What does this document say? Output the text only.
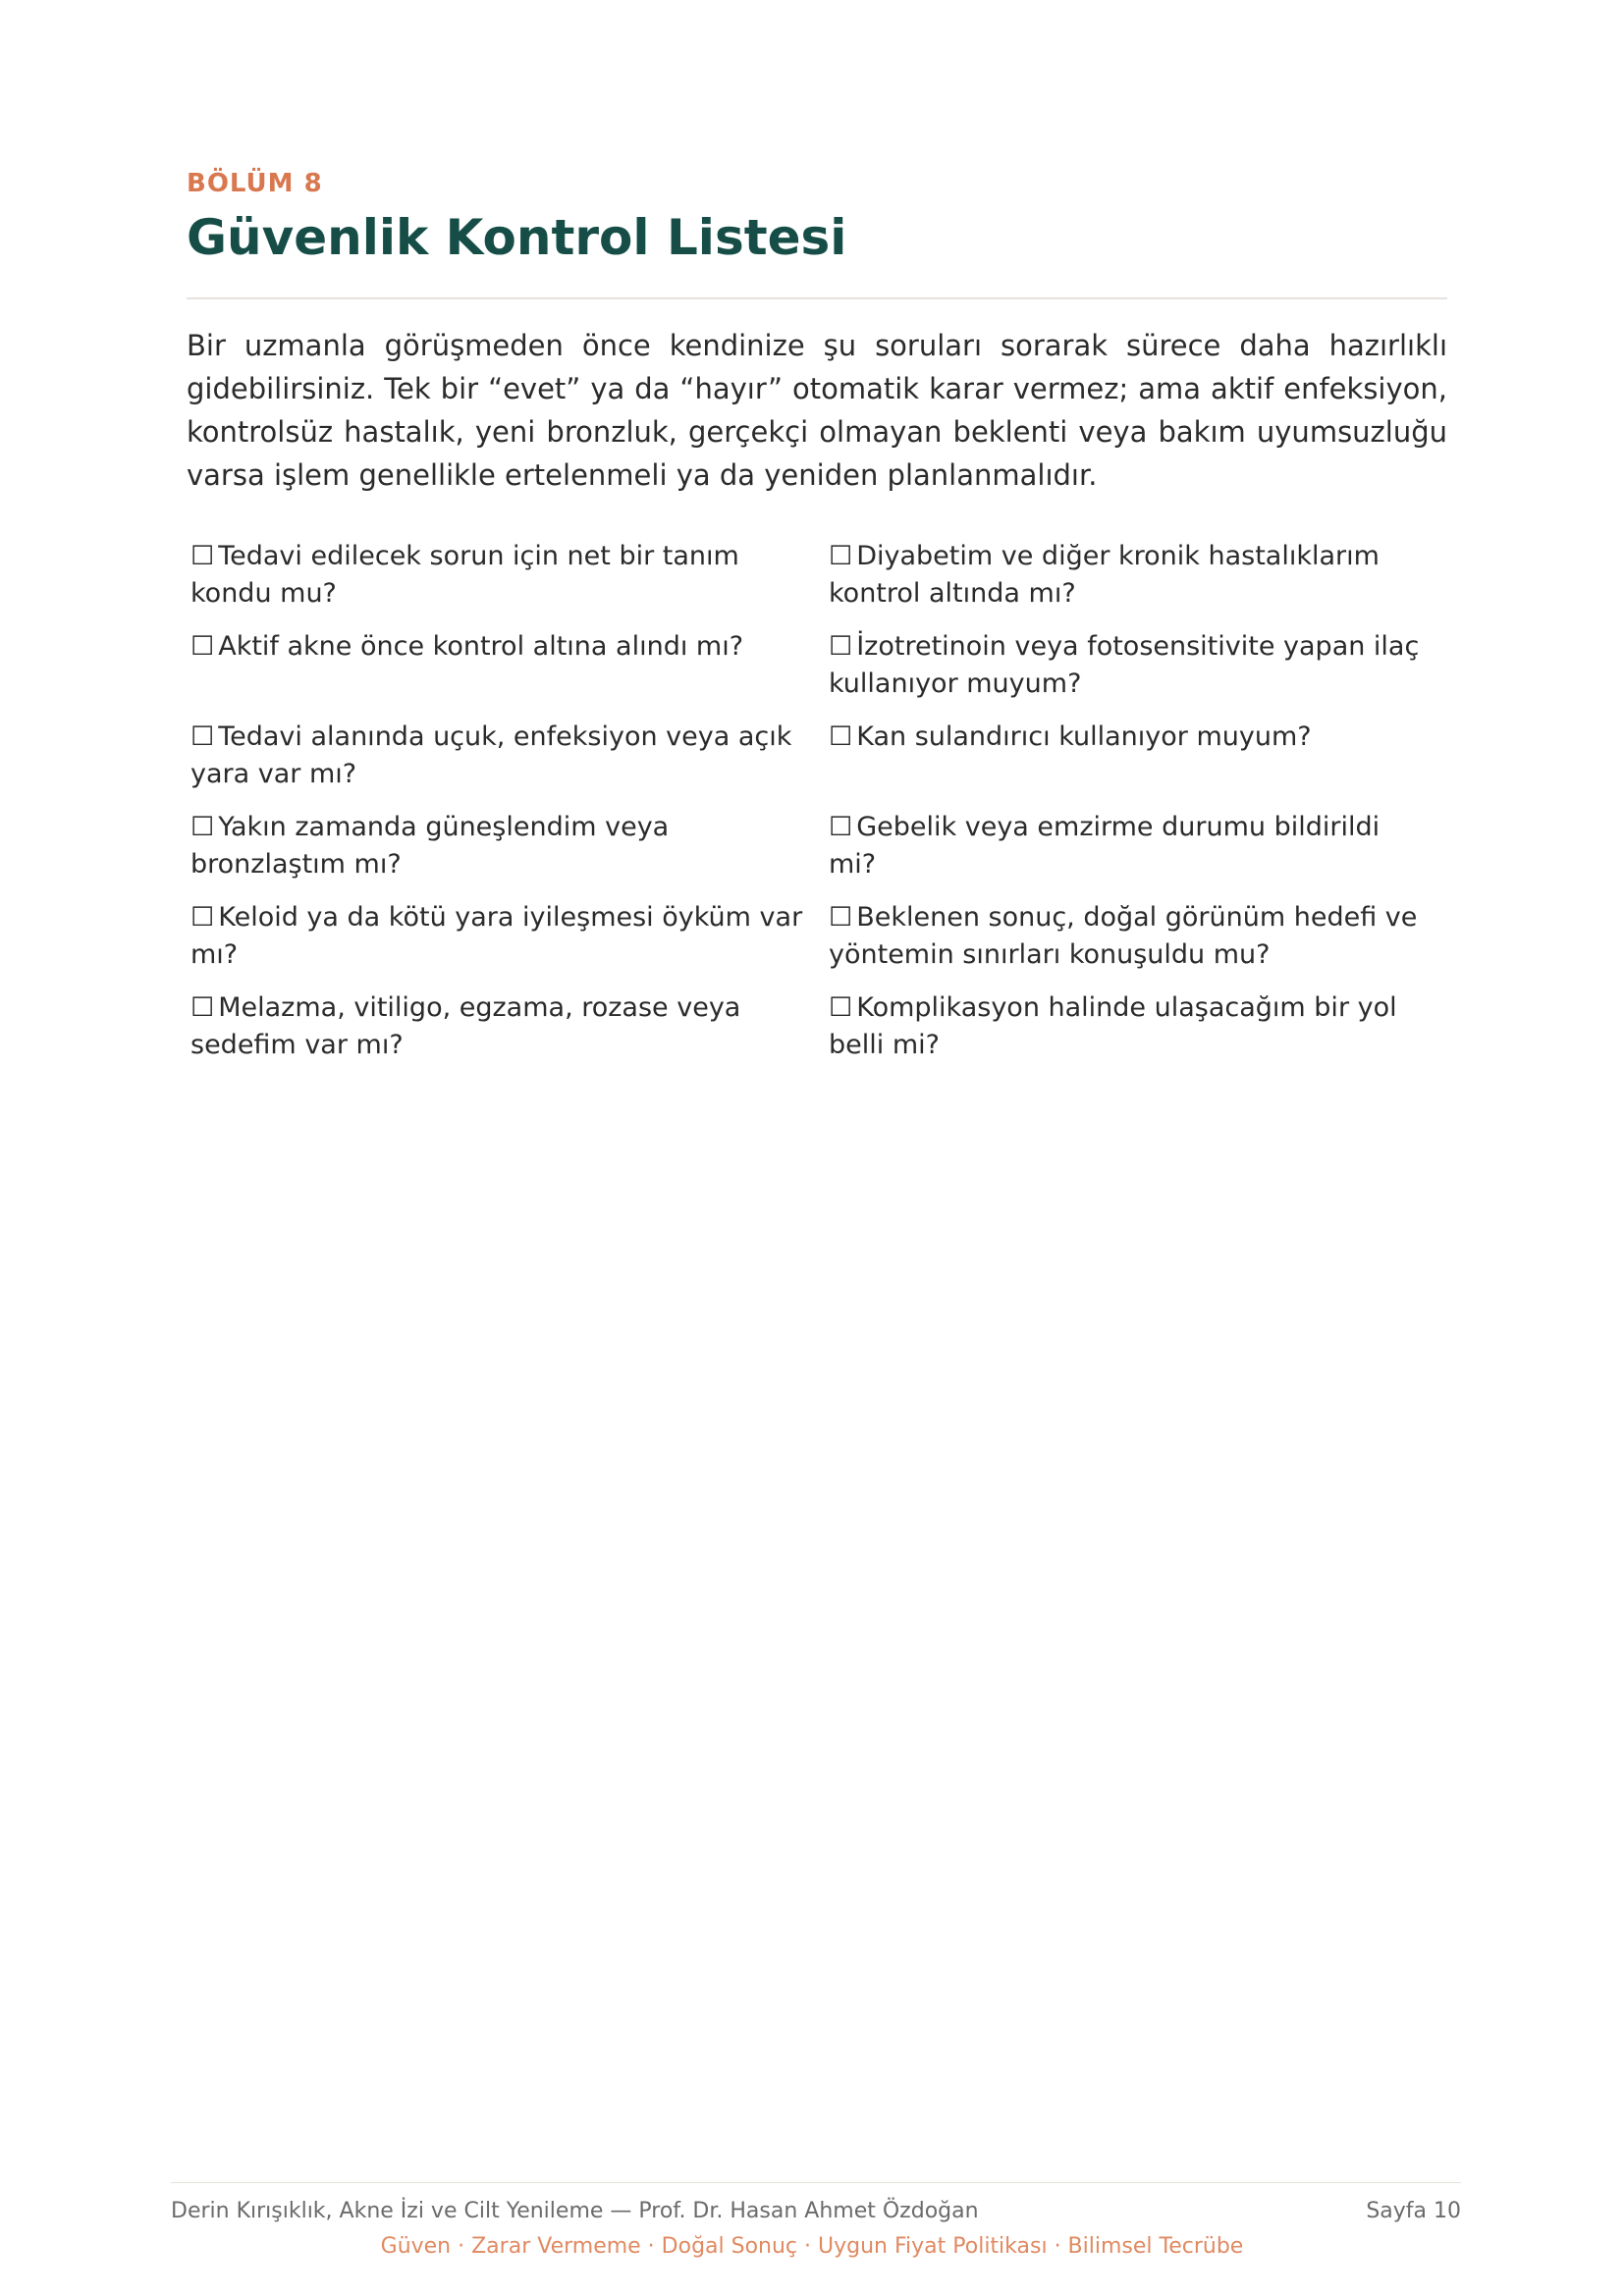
BÖLÜM 8
Güvenlik Kontrol Listesi

Bir uzmanla görüşmeden önce kendinize şu soruları sorarak sürece daha hazırlıklı gidebilirsiniz. Tek bir “evet” ya da “hayır” otomatik karar vermez; ama aktif enfeksiyon, kontrolsüz hastalık, yeni bronzluk, gerçekçi olmayan beklenti veya bakım uyumsuzluğu varsa işlem genellikle ertelenmeli ya da yeniden planlanmalıdır.

☐ Tedavi edilecek sorun için net bir tanım kondu mu?
☐ Diyabetim ve diğer kronik hastalıklarım kontrol altında mı?
☐ Aktif akne önce kontrol altına alındı mı?	☐ İzotretinoin veya fotosensitivite yapan ilaç kullanıyor muyum?
☐ Tedavi alanında uçuk, enfeksiyon veya açık yara var mı?
☐ Kan sulandırıcı kullanıyor muyum?
☐ Yakın zamanda güneşlendim veya bronzlaştım mı?
☐ Gebelik veya emzirme durumu bildirildi mi?
☐ Keloid ya da kötü yara iyileşmesi öyküm var mı?
☐ Beklenen sonuç, doğal görünüm hedefi ve yöntemin sınırları konuşuldu mu?
☐ Melazma, vitiligo, egzama, rozase veya sedefim var mı?
☐ Komplikasyon halinde ulaşacağım bir yol belli mi?
Derin Kırışıklık, Akne İzi ve Cilt Yenileme — Prof. Dr. Hasan Ahmet Özdoğan	Sayfa 10
Güven · Zarar Vermeme · Doğal Sonuç · Uygun Fiyat Politikası · Bilimsel Tecrübe
